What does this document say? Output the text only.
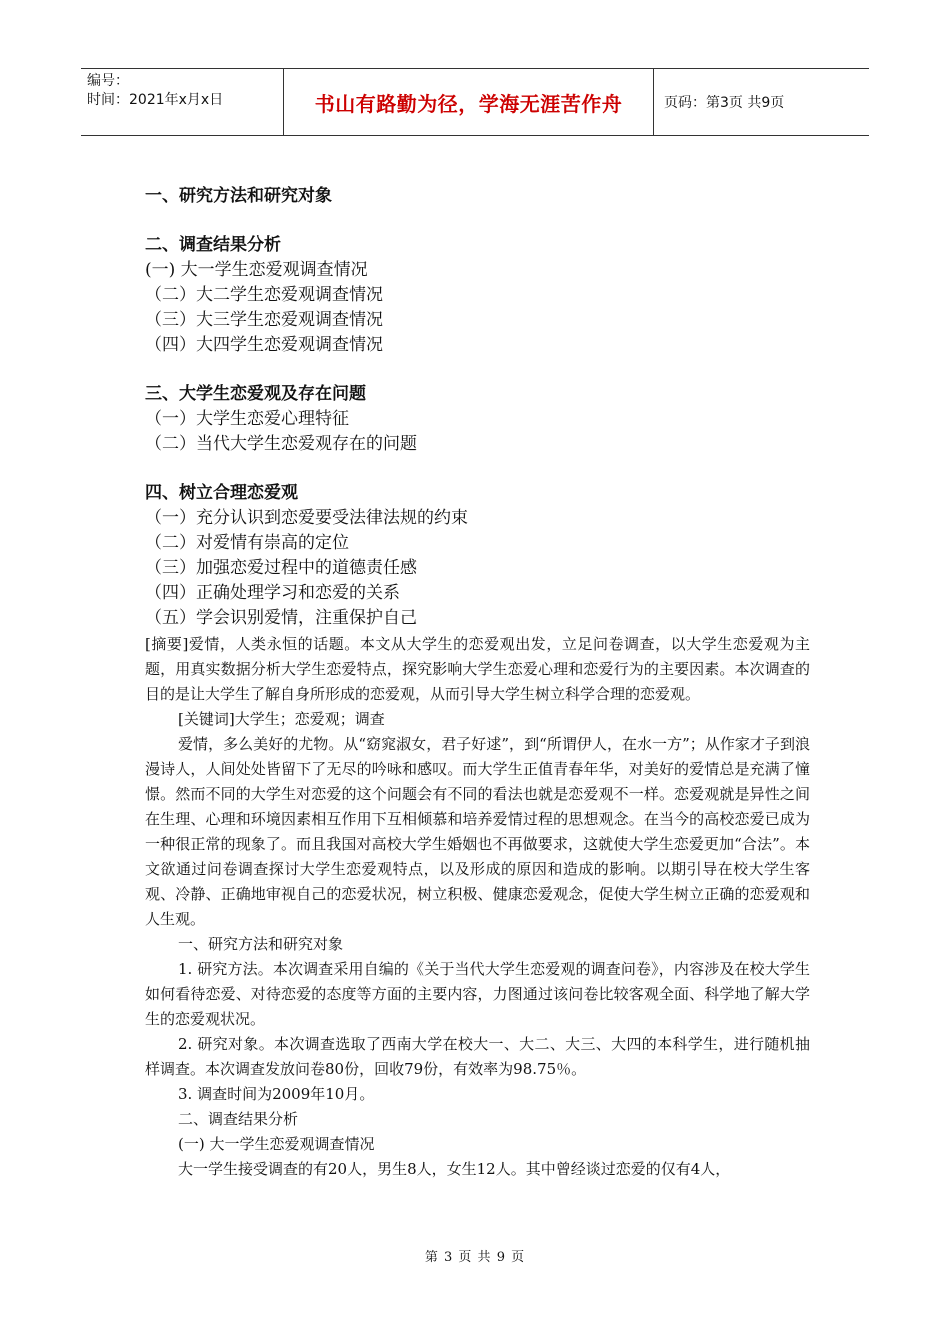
编号：
时间：2021年x月x日	书山有路勤为径，学海无涯苦作舟	页码：第3页 共9页
一、研究方法和研究对象
二、调查结果分析
(一) 大一学生恋爱观调查情况
（二）大二学生恋爱观调查情况
（三）大三学生恋爱观调查情况
（四）大四学生恋爱观调查情况
三、大学生恋爱观及存在问题
（一）大学生恋爱心理特征
（二）当代大学生恋爱观存在的问题
四、树立合理恋爱观
（一）充分认识到恋爱要受法律法规的约束
（二）对爱情有崇高的定位
（三）加强恋爱过程中的道德责任感
（四）正确处理学习和恋爱的关系
（五）学会识别爱情，注重保护自己

[摘要]爱情，人类永恒的话题。本文从大学生的恋爱观出发，立足问卷调查，以大学生恋爱观为主题，用真实数据分析大学生恋爱特点，探究影响大学生恋爱心理和恋爱行为的主要因素。本次调查的目的是让大学生了解自身所形成的恋爱观，从而引导大学生树立科学合理的恋爱观。

[关键词]大学生；恋爱观；调查

爱情，多么美好的尤物。从“窈窕淑女，君子好逑”，到“所谓伊人，在水一方”；从作家才子到浪漫诗人，人间处处皆留下了无尽的吟咏和感叹。而大学生正值青春年华，对美好的爱情总是充满了憧憬。然而不同的大学生对恋爱的这个问题会有不同的看法也就是恋爱观不一样。恋爱观就是异性之间在生理、心理和环境因素相互作用下互相倾慕和培养爱情过程的思想观念。在当今的高校恋爱已成为一种很正常的现象了。而且我国对高校大学生婚姻也不再做要求，这就使大学生恋爱更加“合法”。本文欲通过问卷调查探讨大学生恋爱观特点，以及形成的原因和造成的影响。以期引导在校大学生客观、冷静、正确地审视自己的恋爱状况，树立积极、健康恋爱观念，促使大学生树立正确的恋爱观和人生观。

一、研究方法和研究对象

1. 研究方法。本次调查采用自编的《关于当代大学生恋爱观的调查问卷》，内容涉及在校大学生如何看待恋爱、对待恋爱的态度等方面的主要内容，力图通过该问卷比较客观全面、科学地了解大学生的恋爱观状况。

2. 研究对象。本次调查选取了西南大学在校大一、大二、大三、大四的本科学生，进行随机抽样调查。本次调查发放问卷80份，回收79份，有效率为98.75％。

3. 调查时间为2009年10月。

二、调查结果分析

(一) 大一学生恋爱观调查情况

大一学生接受调查的有20人，男生8人，女生12人。其中曾经谈过恋爱的仅有4人，

第 3 页 共 9 页
